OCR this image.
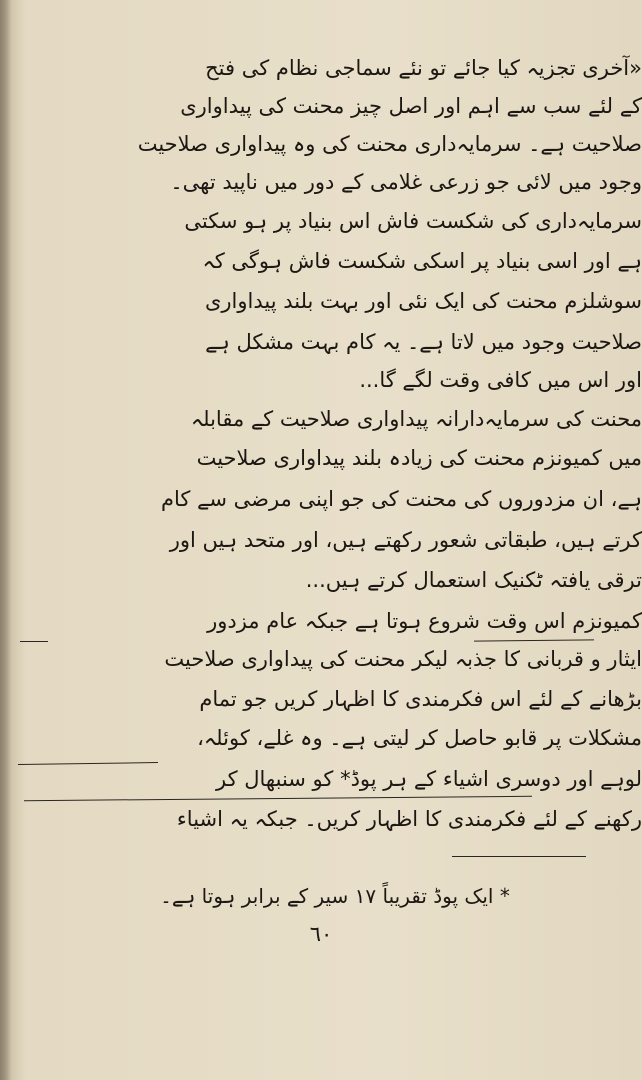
«آخری تجزیہ کیا جائے تو نئے سماجی نظام کی فتح
کے لئے سب سے اہم اور اصل چیز محنت کی پیداواری
صلاحیت ہے۔ سرمایہ‌داری محنت کی وہ پیداواری صلاحیت
وجود میں لائی جو زرعی غلامی کے دور میں ناپید تھی۔
سرمایہ‌داری کی شکست فاش اس بنیاد پر ہو سکتی
ہے اور اسی بنیاد پر اسکی شکست فاش ہوگی کہ
سوشلزم محنت کی ایک نئی اور بہت بلند پیداواری
صلاحیت وجود میں لاتا ہے۔ یہ کام بہت مشکل ہے
اور اس میں کافی وقت لگے گا...
محنت کی سرمایہ‌دارانہ پیداواری صلاحیت کے مقابلہ
میں کمیونزم محنت کی زیادہ بلند پیداواری صلاحیت
ہے، ان مزدوروں کی محنت کی جو اپنی مرضی سے کام
کرتے ہیں، طبقاتی شعور رکھتے ہیں، اور متحد ہیں اور
ترقی یافتہ ٹکنیک استعمال کرتے ہیں...
کمیونزم اس وقت شروع ہوتا ہے جبکہ عام مزدور
ایثار و قربانی کا جذبہ لیکر محنت کی پیداواری صلاحیت
بڑھانے کے لئے اس فکرمندی کا اظہار کریں جو تمام
مشکلات پر قابو حاصل کر لیتی ہے۔ وہ غلے، کوئلہ،
لوہے اور دوسری اشیاء کے ہر پوڈ* کو سنبھال کر
رکھنے کے لئے فکرمندی کا اظہار کریں۔ جبکہ یہ اشیاء
* ایک پوڈ تقریباً ۱۷ سیر کے برابر ہوتا ہے۔
٦٠
